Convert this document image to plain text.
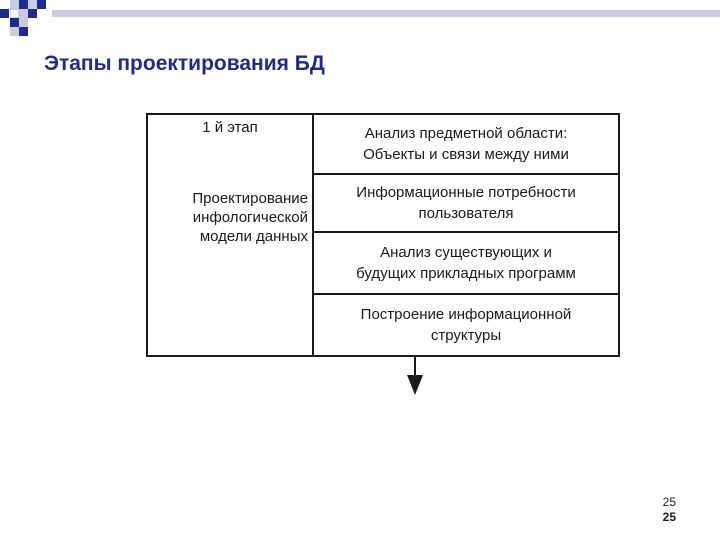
Этапы проектирования БД
1 й этап
Проектирование
инфологической
модели данных
Анализ предметной области:
Объекты и связи между ними
Информационные потребности
пользователя
Анализ существующих и
будущих прикладных программ
Построение информационной
структуры
25
25
